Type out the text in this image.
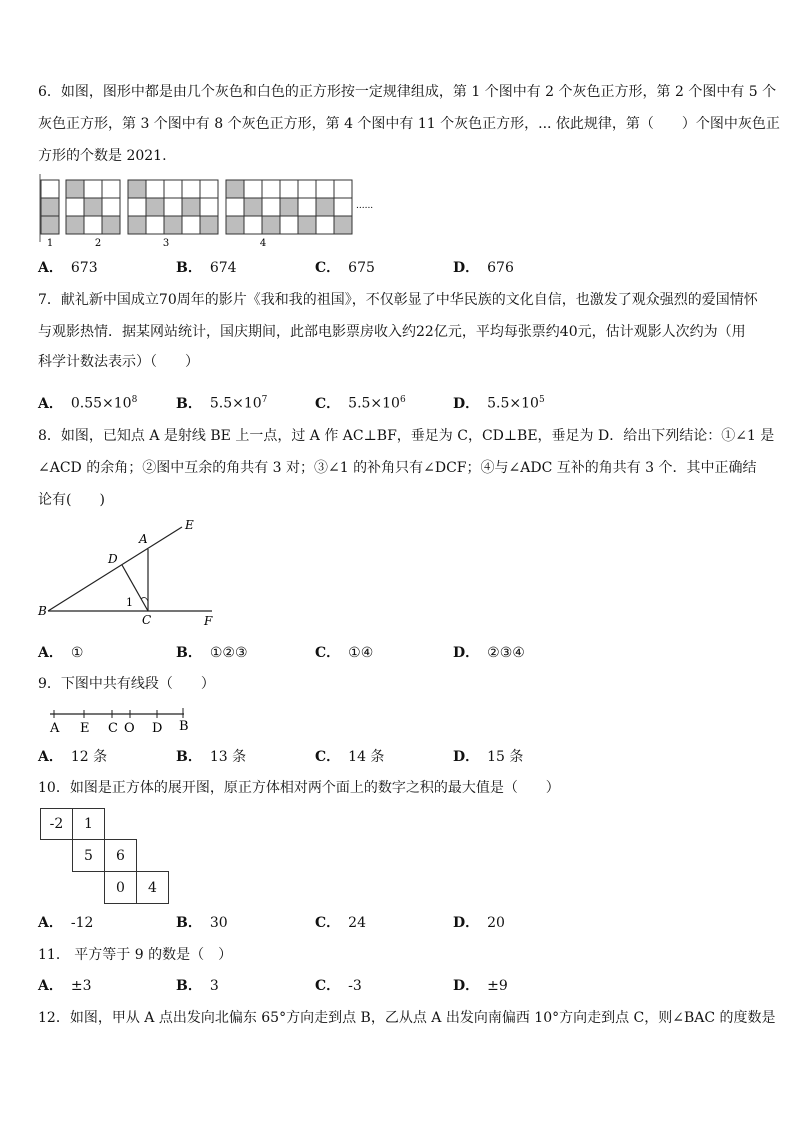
6．如图，图形中都是由几个灰色和白色的正方形按一定规律组成，第 1 个图中有 2 个灰色正方形，第 2 个图中有 5 个
灰色正方形，第 3 个图中有 8 个灰色正方形，第 4 个图中有 11 个灰色正方形，... 依此规律，第（　　）个图中灰色正
方形的个数是 2021.
1	2	3	4
......
A． 673	B． 674	C． 675	D． 676
7．献礼新中国成立70周年的影片《我和我的祖国》，不仅彰显了中华民族的文化自信，也激发了观众强烈的爱国情怀
与观影热情．据某网站统计，国庆期间，此部电影票房收入约22亿元，平均每张票约40元，估计观影人次约为（用
科学计数法表示）（　　）
A． $0.55\times 10^8$	B． $5.5\times 10^7$	C． $5.5\times 10^6$	D． $5.5\times 10^5$
8．如图，已知点 A 是射线 BE 上一点，过 A 作 AC⊥BF，垂足为 C，CD⊥BE，垂足为 D．给出下列结论：①∠1 是
∠ACD 的余角；②图中互余的角共有 3 对；③∠1 的补角只有∠DCF；④与∠ADC 互补的角共有 3 个．其中正确结
论有(　　)
E
A
D
B
C	F
1
A． ①	B． ①②③	C． ①④	D． ②③④
9．下图中共有线段（　　）
A E C O D B
A． 12 条	B． 13 条	C． 14 条	D． 15 条
10．如图是正方体的展开图，原正方体相对两个面上的数字之积的最大值是（　　）
-2	1
5	6
0	4
A． -12	B． 30	C． 24	D． 20
11． 平方等于 9 的数是（　）
A． ±3	B． 3	C． -3	D． ±9
12．如图，甲从 A 点出发向北偏东 65°方向走到点 B，乙从点 A 出发向南偏西 10°方向走到点 C，则∠BAC 的度数是
